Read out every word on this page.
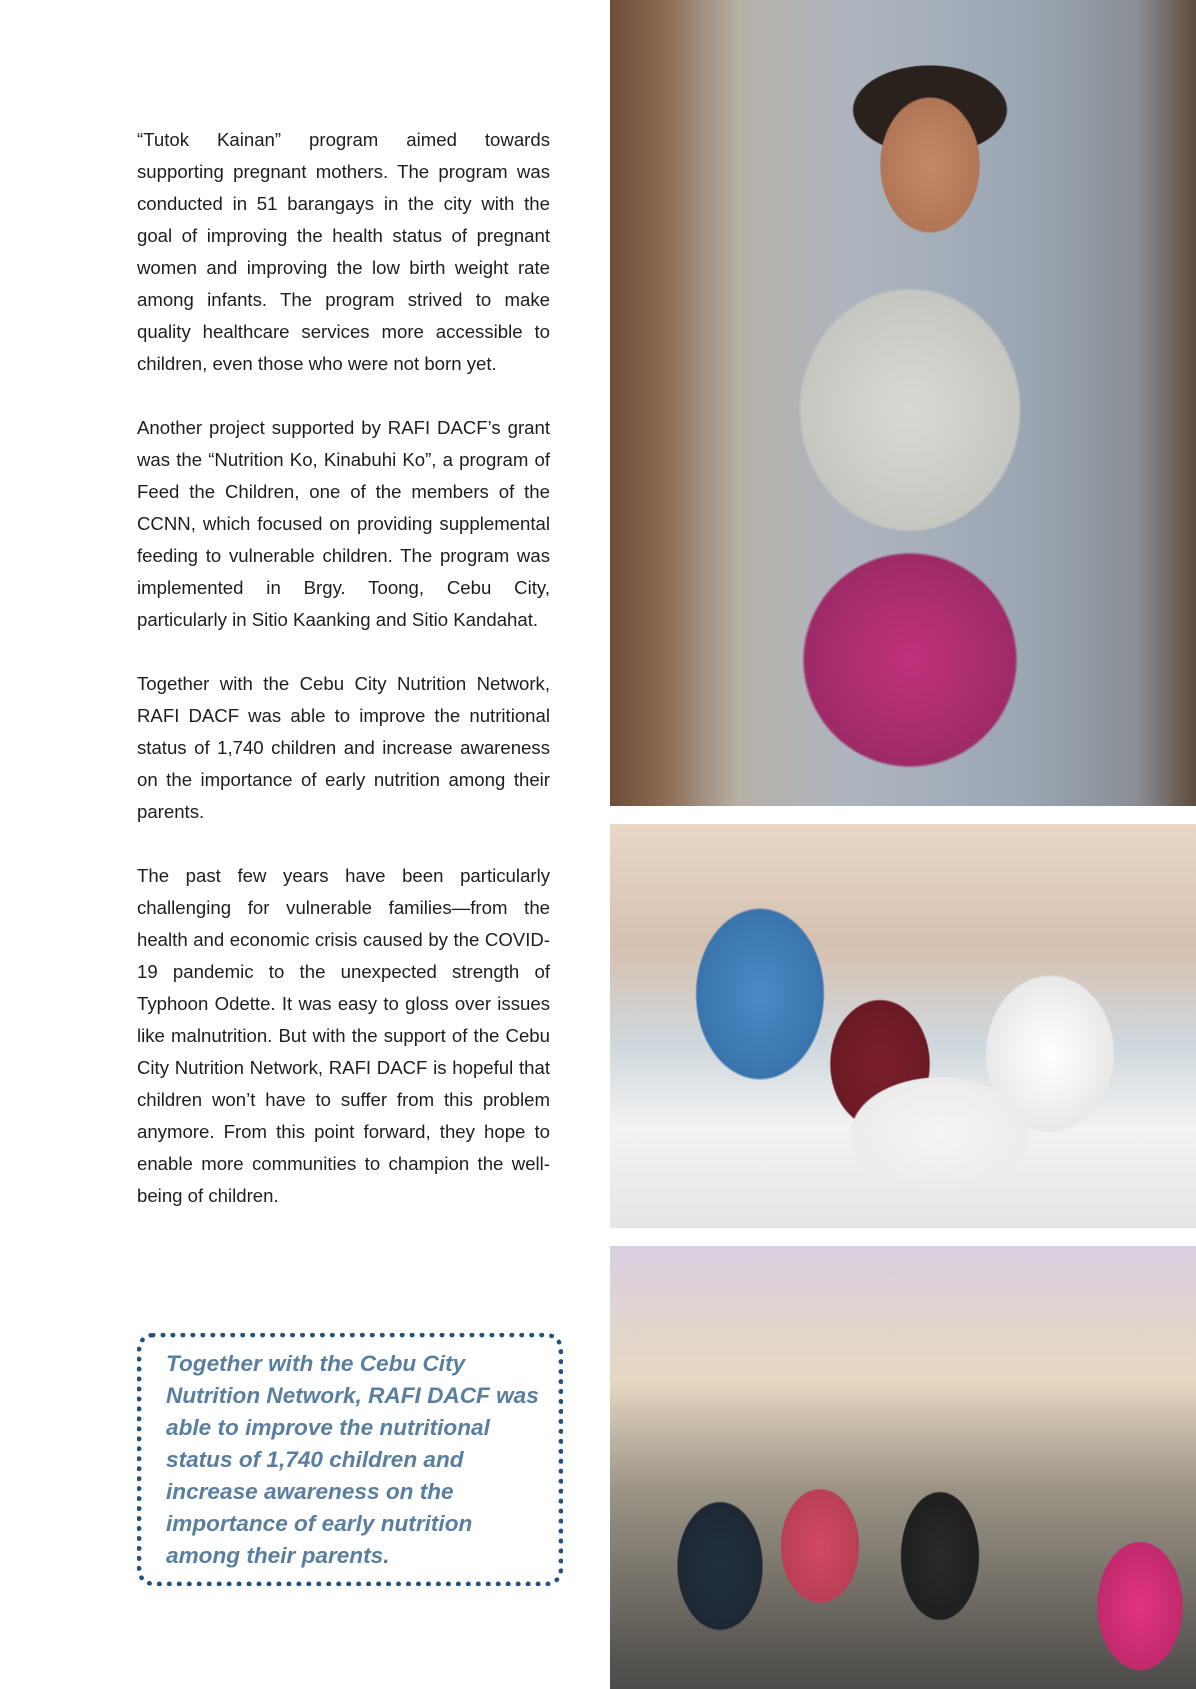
“Tutok Kainan” program aimed towards supporting pregnant mothers. The program was conducted in 51 barangays in the city with the goal of improving the health status of pregnant women and improving the low birth weight rate among infants. The program strived to make quality healthcare services more accessible to children, even those who were not born yet.

Another project supported by RAFI DACF’s grant was the “Nutrition Ko, Kinabuhi Ko”, a program of Feed the Children, one of the members of the CCNN, which focused on providing supplemental feeding to vulnerable children. The program was implemented in Brgy. Toong, Cebu City, particularly in Sitio Kaanking and Sitio Kandahat.

Together with the Cebu City Nutrition Network, RAFI DACF was able to improve the nutritional status of 1,740 children and increase awareness on the importance of early nutrition among their parents.

The past few years have been particularly challenging for vulnerable families—from the health and economic crisis caused by the COVID-19 pandemic to the unexpected strength of Typhoon Odette. It was easy to gloss over issues like malnutrition. But with the support of the Cebu City Nutrition Network, RAFI DACF is hopeful that children won’t have to suffer from this problem anymore. From this point forward, they hope to enable more communities to champion the well-being of children.

Together with the Cebu City Nutrition Network, RAFI DACF was able to improve the nutritional status of 1,740 children and increase awareness on the importance of early nutrition among their parents.
